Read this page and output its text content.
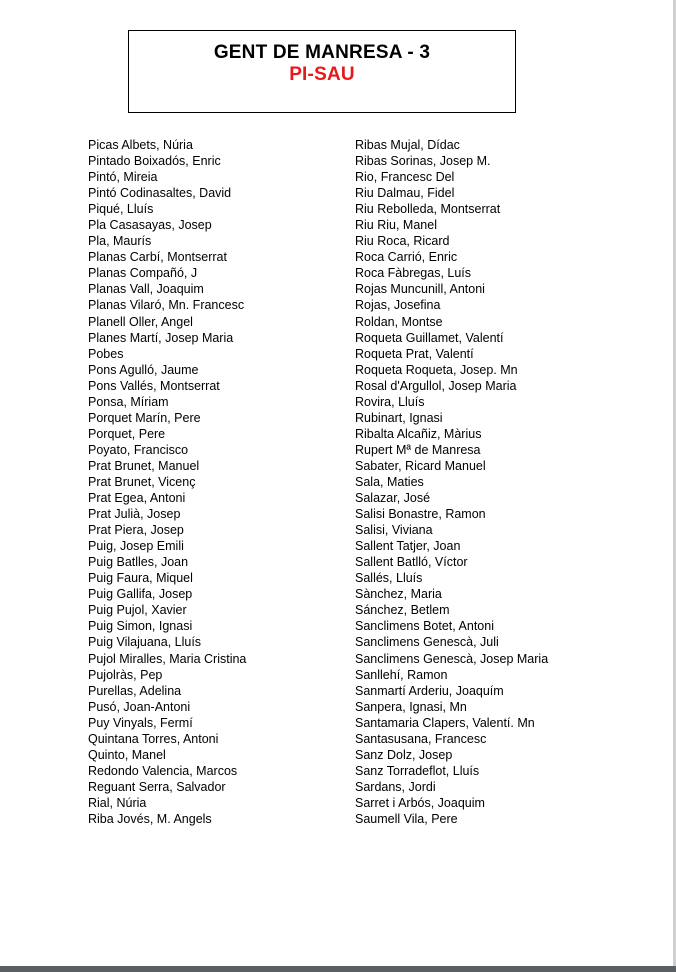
GENT DE MANRESA - 3
PI-SAU
Picas Albets, Núria
Pintado Boixadós, Enric
Pintó, Mireia
Pintó Codinasaltes, David
Piqué, Lluís
Pla Casasayas, Josep
Pla, Maurís
Planas Carbí, Montserrat
Planas Compañó, J
Planas Vall, Joaquim
Planas Vilaró, Mn. Francesc
Planell Oller, Angel
Planes Martí, Josep Maria
Pobes
Pons Agulló, Jaume
Pons Vallés, Montserrat
Ponsa, Míriam
Porquet Marín, Pere
Porquet, Pere
Poyato, Francisco
Prat Brunet, Manuel
Prat Brunet, Vicenç
Prat Egea, Antoni
Prat Julià, Josep
Prat Piera, Josep
Puig, Josep Emili
Puig Batlles, Joan
Puig Faura, Miquel
Puig Gallifa, Josep
Puig Pujol, Xavier
Puig Simon, Ignasi
Puig Vilajuana, Lluís
Pujol Miralles, Maria Cristina
Pujolràs, Pep
Purellas, Adelina
Pusó, Joan-Antoni
Puy Vinyals, Fermí
Quintana Torres, Antoni
Quinto, Manel
Redondo Valencia, Marcos
Reguant Serra, Salvador
Rial, Núria
Riba Jovés, M. Angels
Ribas Mujal, Dídac
Ribas Sorinas, Josep M.
Rio, Francesc Del
Riu Dalmau, Fidel
Riu Rebolleda, Montserrat
Riu Riu, Manel
Riu Roca, Ricard
Roca Carrió, Enric
Roca Fàbregas, Luís
Rojas Muncunill, Antoni
Rojas, Josefina
Roldan, Montse
Roqueta Guillamet, Valentí
Roqueta Prat, Valentí
Roqueta Roqueta, Josep. Mn
Rosal d'Argullol, Josep Maria
Rovira, Lluís
Rubinart, Ignasi
Ribalta Alcañiz, Màrius
Rupert Mª de Manresa
Sabater, Ricard Manuel
Sala, Maties
Salazar, José
Salisi Bonastre, Ramon
Salisi, Viviana
Sallent Tatjer, Joan
Sallent Batlló, Víctor
Sallés, Lluís
Sànchez, Maria
Sánchez, Betlem
Sanclimens Botet, Antoni
Sanclimens Genescà, Juli
Sanclimens Genescà, Josep Maria
Sanllehí, Ramon
Sanmartí Arderiu, Joaquím
Sanpera, Ignasi, Mn
Santamaria Clapers, Valentí. Mn
Santasusana, Francesc
Sanz Dolz, Josep
Sanz Torradeflot, Lluís
Sardans, Jordi
Sarret i Arbós, Joaquim
Saumell Vila, Pere
